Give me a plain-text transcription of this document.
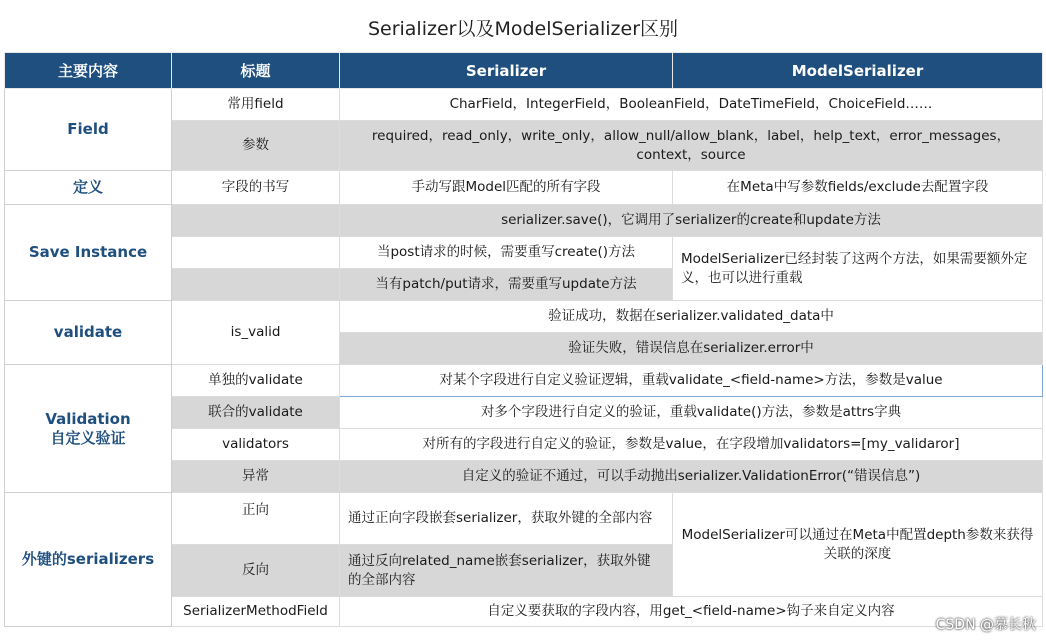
Serializer以及ModelSerializer区别
主要内容	标题	Serializer	ModelSerializer
Field	常用field	CharField，IntegerField，BooleanField，DateTimeField，ChoiceField……	
	参数	required，read_only，write_only，allow_null/allow_blank，label，help_text，error_messages，context，source	
定义	字段的书写	手动写跟Model匹配的所有字段	在Meta中写参数fields/exclude去配置字段
Save Instance		serializer.save()，它调用了serializer的create和update方法	
		当post请求的时候，需要重写create()方法	ModelSerializer已经封装了这两个方法，如果需要额外定义，也可以进行重载
		当有patch/put请求，需要重写update方法	
validate	is_valid	验证成功，数据在serializer.validated_data中	
		验证失败，错误信息在serializer.error中	
Validation
自定义验证	单独的validate	对某个字段进行自定义验证逻辑，重载validate_<field-name>方法，参数是value	
	联合的validate	对多个字段进行自定义的验证，重载validate()方法，参数是attrs字典	
	validators	对所有的字段进行自定义的验证，参数是value，在字段增加validators=[my_validaror]	
	异常	自定义的验证不通过，可以手动抛出serializer.ValidationError(“错误信息”)	
外键的serializers	正向	通过正向字段嵌套serializer，获取外键的全部内容	ModelSerializer可以通过在Meta中配置depth参数来获得关联的深度
	反向	通过反向related_name嵌套serializer，获取外键的全部内容	
	SerializerMethodField	自定义要获取的字段内容，用get_<field-name>钩子来自定义内容	
CSDN @慕长秋
